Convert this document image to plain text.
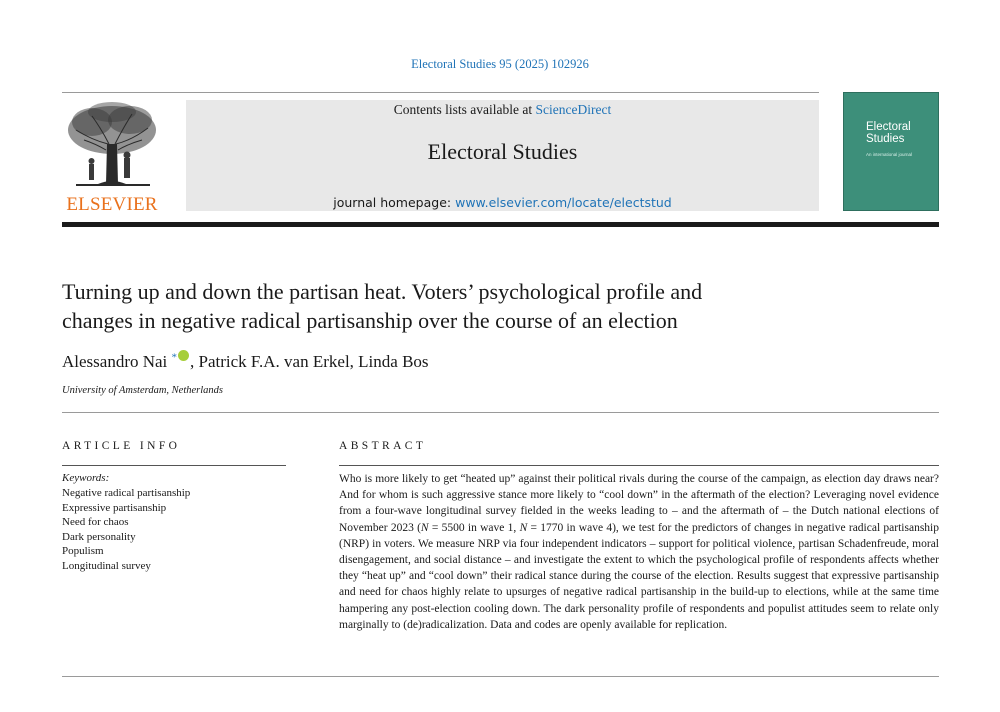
Electoral Studies 95 (2025) 102926
ELSEVIER
Contents lists available at ScienceDirect
Electoral Studies
journal homepage: www.elsevier.com/locate/electstud
Electoral
Studies
An international journal
Turning up and down the partisan heat. Voters’ psychological profile and
changes in negative radical partisanship over the course of an election
Alessandro Nai * , Patrick F.A. van Erkel, Linda Bos
University of Amsterdam, Netherlands
ARTICLE INFO
Keywords:
Negative radical partisanship
Expressive partisanship
Need for chaos
Dark personality
Populism
Longitudinal survey
ABSTRACT

Who is more likely to get “heated up” against their political rivals during the course of the campaign, as election day draws near? And for whom is such aggressive stance more likely to “cool down” in the aftermath of the election? Leveraging novel evidence from a four-wave longitudinal survey fielded in the weeks leading to – and the aftermath of – the Dutch national elections of November 2023 (N = 5500 in wave 1, N = 1770 in wave 4), we test for the predictors of changes in negative radical partisanship (NRP) in voters. We measure NRP via four independent indicators – support for political violence, partisan Schadenfreude, moral disengagement, and social distance – and investigate the extent to which the psychological profile of respondents affects whether they “heat up” and “cool down” their radical stance during the course of the election. Results suggest that expressive partisanship and need for chaos highly relate to upsurges of negative radical partisanship in the build-up to elections, while at the same time hampering any post-election cooling down. The dark personality profile of respondents and populist attitudes seem to relate only marginally to (de)radicalization. Data and codes are openly available for replication.
